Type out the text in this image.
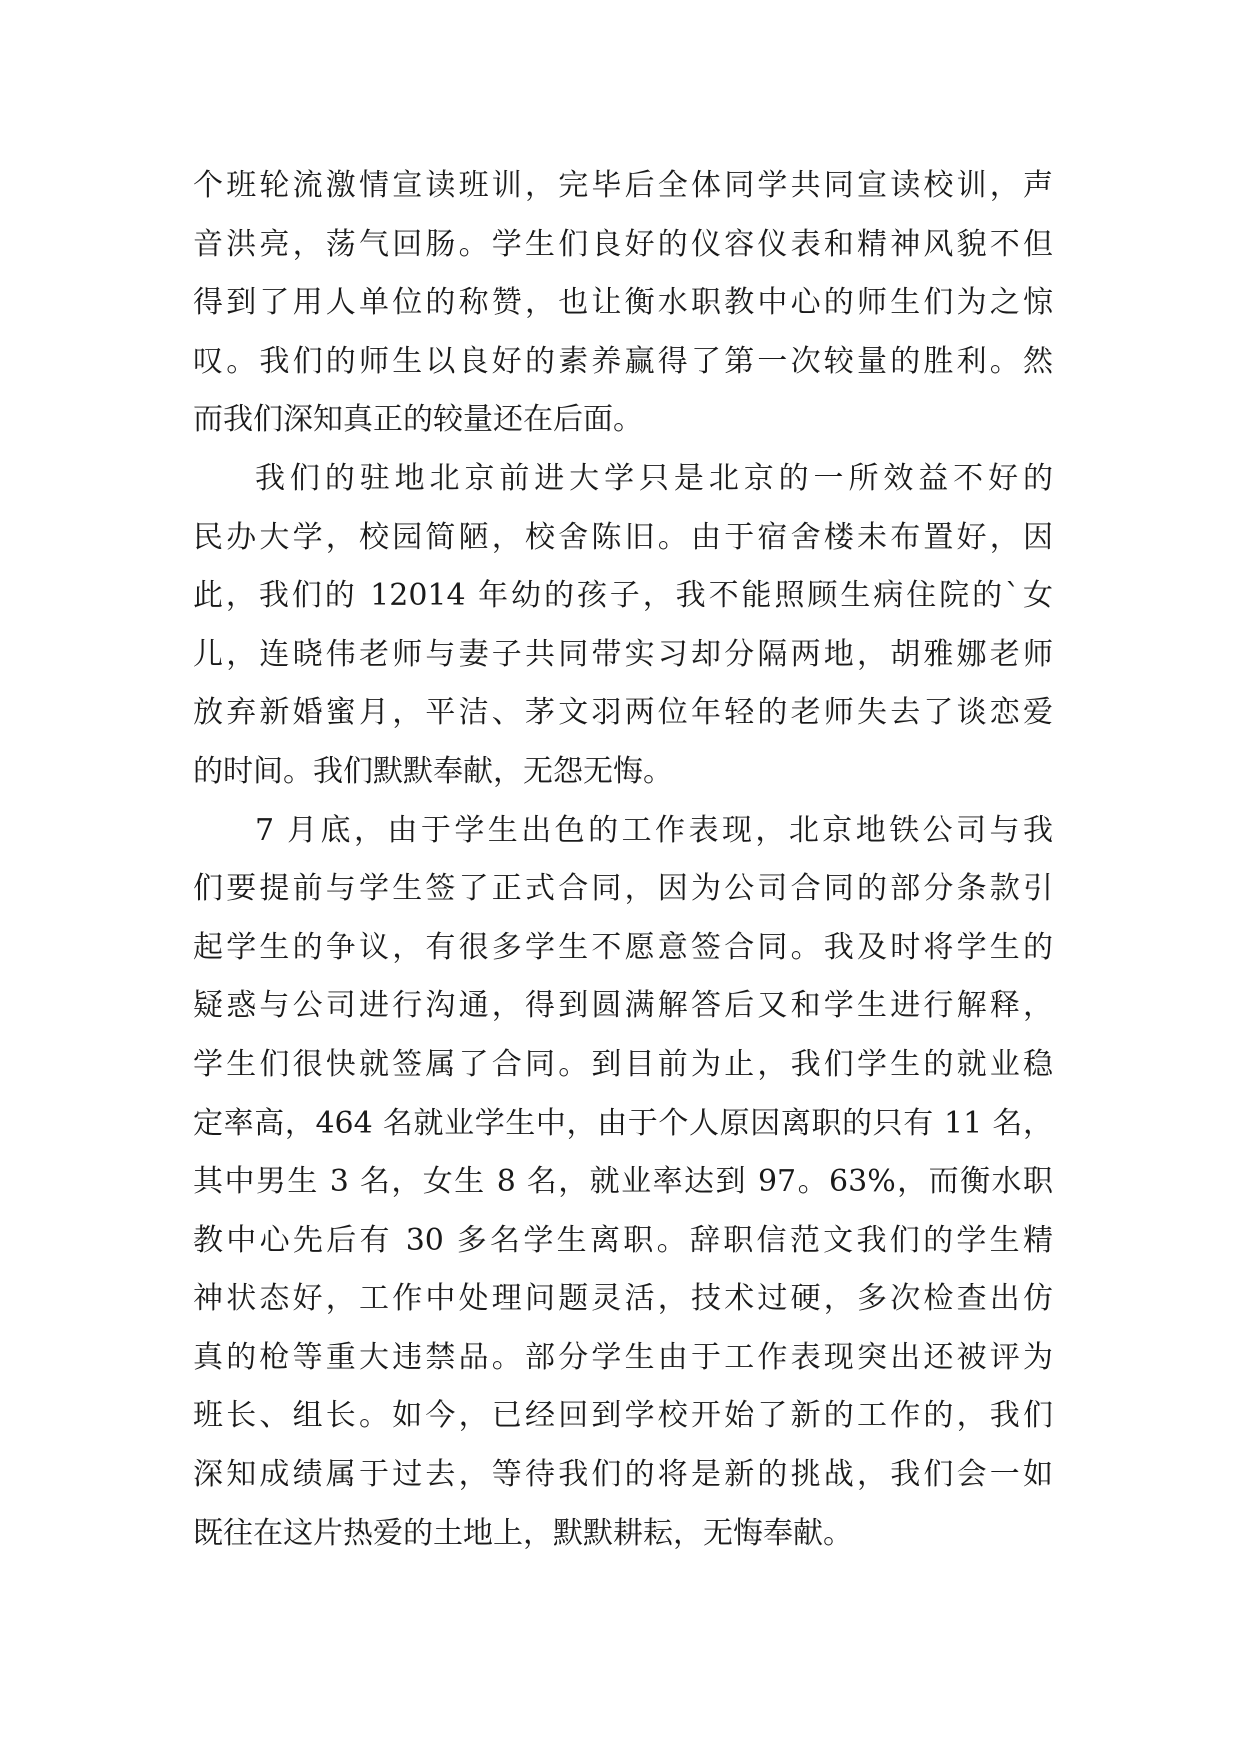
个班轮流激情宣读班训，完毕后全体同学共同宣读校训，声
音洪亮，荡气回肠。学生们良好的仪容仪表和精神风貌不但
得到了用人单位的称赞，也让衡水职教中心的师生们为之惊
叹。我们的师生以良好的素养赢得了第一次较量的胜利。然
而我们深知真正的较量还在后面。
我们的驻地北京前进大学只是北京的一所效益不好的
民办大学，校园简陋，校舍陈旧。由于宿舍楼未布置好，因
此，我们的 12014 年幼的孩子，我不能照顾生病住院的`女
儿，连晓伟老师与妻子共同带实习却分隔两地，胡雅娜老师
放弃新婚蜜月，平洁、茅文羽两位年轻的老师失去了谈恋爱
的时间。我们默默奉献，无怨无悔。
7 月底，由于学生出色的工作表现，北京地铁公司与我
们要提前与学生签了正式合同，因为公司合同的部分条款引
起学生的争议，有很多学生不愿意签合同。我及时将学生的
疑惑与公司进行沟通，得到圆满解答后又和学生进行解释，
学生们很快就签属了合同。到目前为止，我们学生的就业稳
定率高，464 名就业学生中，由于个人原因离职的只有 11 名，
其中男生 3 名，女生 8 名，就业率达到 97。63%，而衡水职
教中心先后有 30 多名学生离职。辞职信范文我们的学生精
神状态好，工作中处理问题灵活，技术过硬，多次检查出仿
真的枪等重大违禁品。部分学生由于工作表现突出还被评为
班长、组长。如今，已经回到学校开始了新的工作的，我们
深知成绩属于过去，等待我们的将是新的挑战，我们会一如
既往在这片热爱的土地上，默默耕耘，无悔奉献。
